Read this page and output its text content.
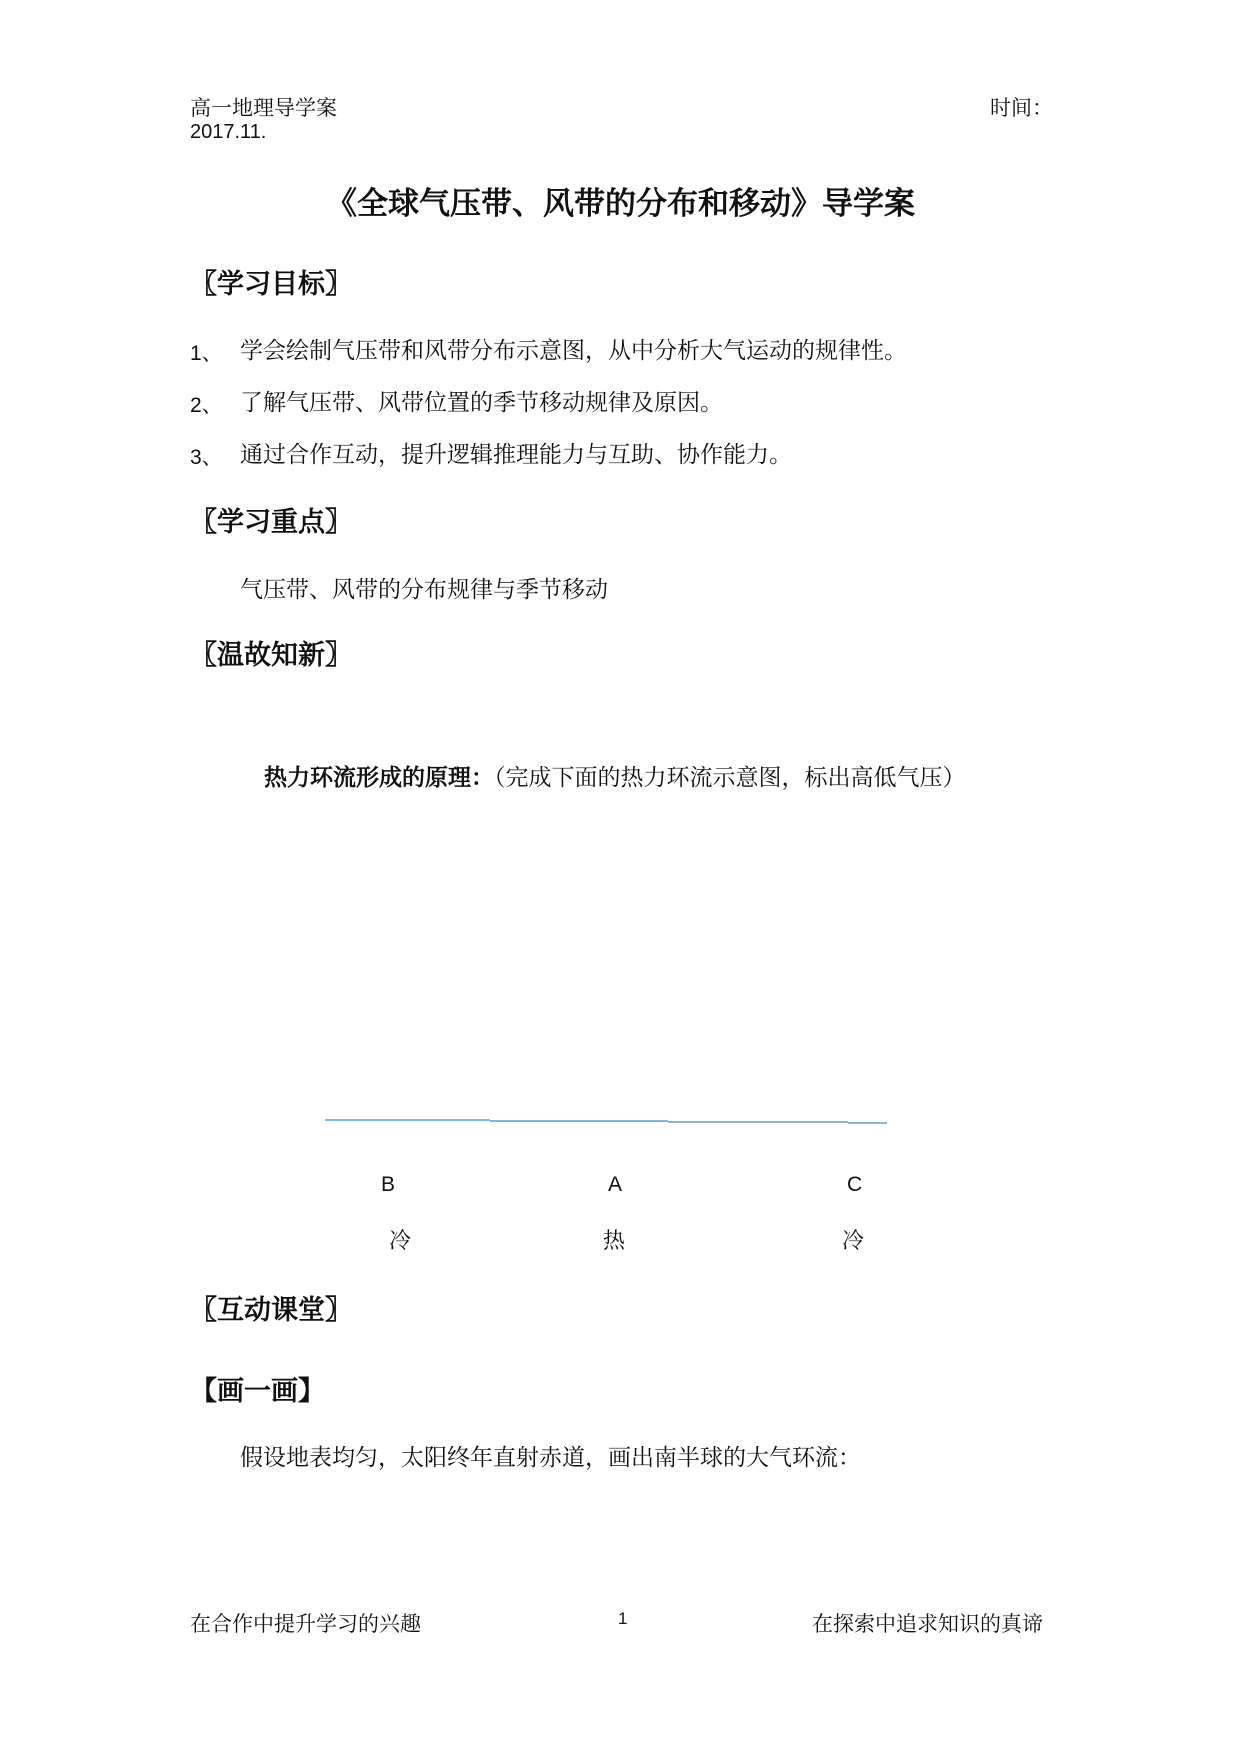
高一地理导学案	时间：
2017.11.
《全球气压带、风带的分布和移动》导学案
〖学习目标〗
1、 学会绘制气压带和风带分布示意图，从中分析大气运动的规律性。
2、 了解气压带、风带位置的季节移动规律及原因。
3、 通过合作互动，提升逻辑推理能力与互助、协作能力。
〖学习重点〗
气压带、风带的分布规律与季节移动
〖温故知新〗
热力环流形成的原理：（完成下面的热力环流示意图，标出高低气压）
B	A	C
冷	热	冷
〖互动课堂〗
【画一画】
假设地表均匀，太阳终年直射赤道，画出南半球的大气环流：
在合作中提升学习的兴趣	1	在探索中追求知识的真谛
